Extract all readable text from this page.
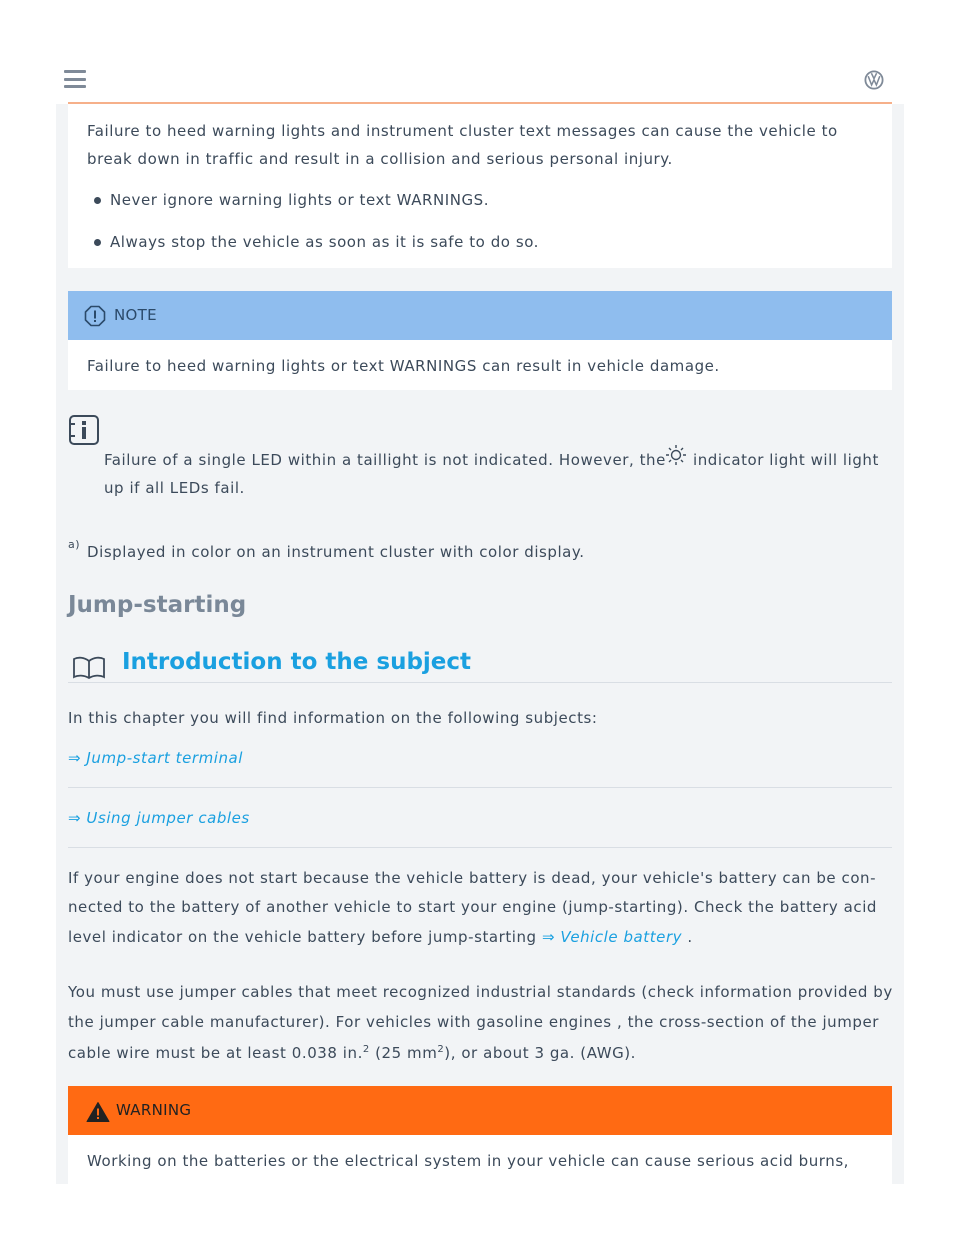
Failure to heed warning lights and instrument cluster text messages can cause the vehicle to
break down in traffic and result in a collision and serious personal injury.
Never ignore warning lights or text WARNINGS.
Always stop the vehicle as soon as it is safe to do so.
NOTE
Failure to heed warning lights or text WARNINGS can result in vehicle damage.
Failure of a single LED within a taillight is not indicated. However, the indicator light will light
up if all LEDs fail.
a) Displayed in color on an instrument cluster with color display.
Jump-starting
Introduction to the subject
In this chapter you will find information on the following subjects:
⇒ Jump-start terminal
⇒ Using jumper cables
If your engine does not start because the vehicle battery is dead, your vehicle's battery can be con-
nected to the battery of another vehicle to start your engine (jump-starting). Check the battery acid
level indicator on the vehicle battery before jump-starting ⇒ Vehicle battery .
You must use jumper cables that meet recognized industrial standards (check information provided by
the jumper cable manufacturer). For vehicles with gasoline engines , the cross-section of the jumper
cable wire must be at least 0.038 in.$^2$ (25 $mm^2$), or about 3 ga. (AWG).
WARNING
Working on the batteries or the electrical system in your vehicle can cause serious acid burns,
